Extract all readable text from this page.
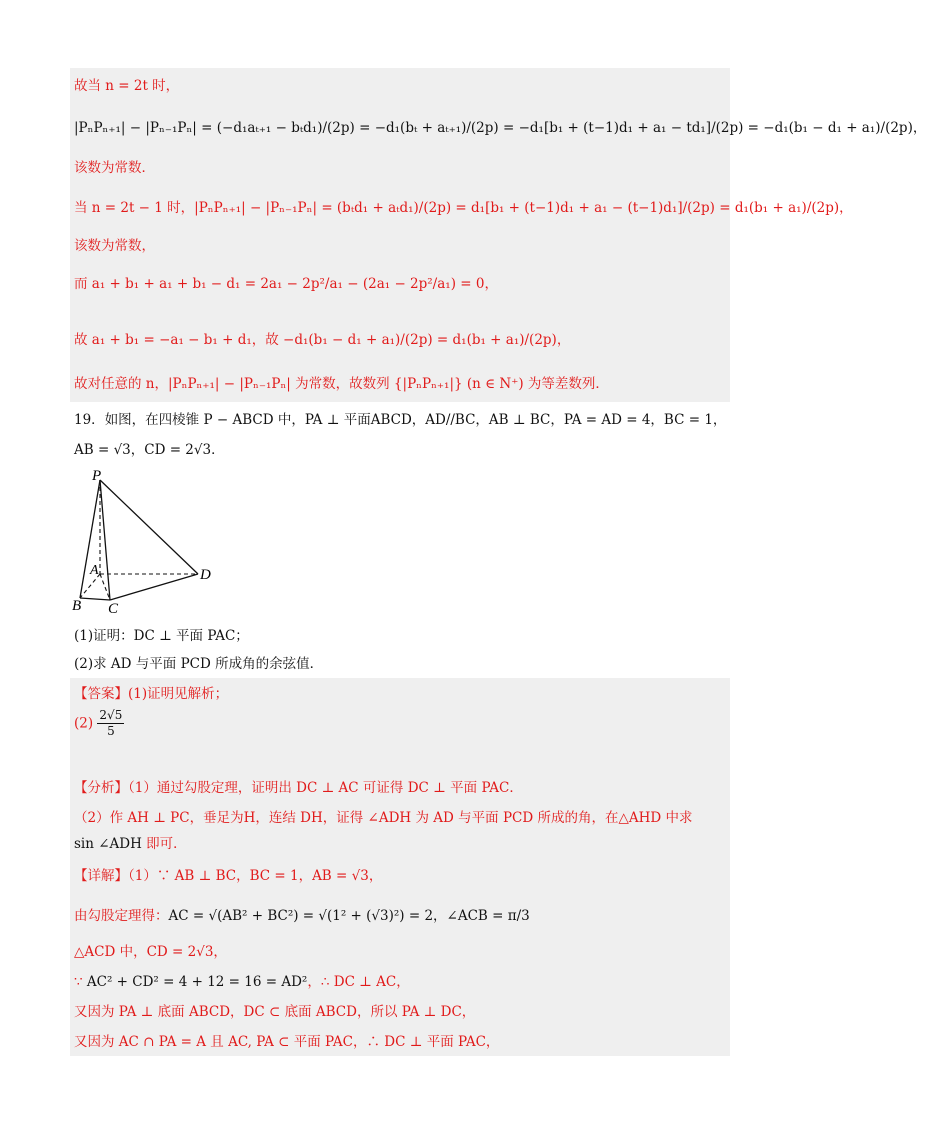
故当 n = 2t 时，
|PₙPₙ₊₁| − |Pₙ₋₁Pₙ| = (−d₁aₜ₊₁ − bₜd₁)/(2p) = −d₁(bₜ + aₜ₊₁)/(2p) = −d₁[b₁ + (t−1)d₁ + a₁ − td₁]/(2p) = −d₁(b₁ − d₁ + a₁)/(2p)，
该数为常数．
当 n = 2t − 1 时，|PₙPₙ₊₁| − |Pₙ₋₁Pₙ| = (bₜd₁ + aₜd₁)/(2p) = d₁[b₁ + (t−1)d₁ + a₁ − (t−1)d₁]/(2p) = d₁(b₁ + a₁)/(2p)，
该数为常数，
而 a₁ + b₁ + a₁ + b₁ − d₁ = 2a₁ − 2p²/a₁ − (2a₁ − 2p²/a₁) = 0，
故 a₁ + b₁ = −a₁ − b₁ + d₁，故 −d₁(b₁ − d₁ + a₁)/(2p) = d₁(b₁ + a₁)/(2p)，
故对任意的 n，|PₙPₙ₊₁| − |Pₙ₋₁Pₙ| 为常数，故数列 {|PₙPₙ₊₁|} (n ∈ N⁺) 为等差数列．
19．如图，在四棱锥 P − ABCD 中，PA ⊥ 平面ABCD，AD//BC，AB ⊥ BC，PA = AD = 4，BC = 1，
AB = √3，CD = 2√3．
P
A	D
B C
(1)证明：DC ⊥ 平面 PAC；
(2)求 AD 与平面 PCD 所成角的余弦值．
【答案】(1)证明见解析；
$(2) \frac{2√5}{5}$
【分析】（1）通过勾股定理，证明出 DC ⊥ AC 可证得 DC ⊥ 平面 PAC．
（2）作 AH ⊥ PC，垂足为H，连结 DH，证得 ∠ADH 为 AD 与平面 PCD 所成的角，在△AHD 中求
sin ∠ADH 即可．
【详解】（1）∵ AB ⊥ BC，BC = 1，AB = √3，
由勾股定理得：AC = √(AB² + BC²) = √(1² + (√3)²) = 2，∠ACB = π/3
△ACD 中，CD = 2√3，
∵ AC² + CD² = 4 + 12 = 16 = AD²，∴ DC ⊥ AC，
又因为 PA ⊥ 底面 ABCD，DC ⊂ 底面 ABCD，所以 PA ⊥ DC，
又因为 AC ∩ PA = A 且 AC, PA ⊂ 平面 PAC，∴ DC ⊥ 平面 PAC，
